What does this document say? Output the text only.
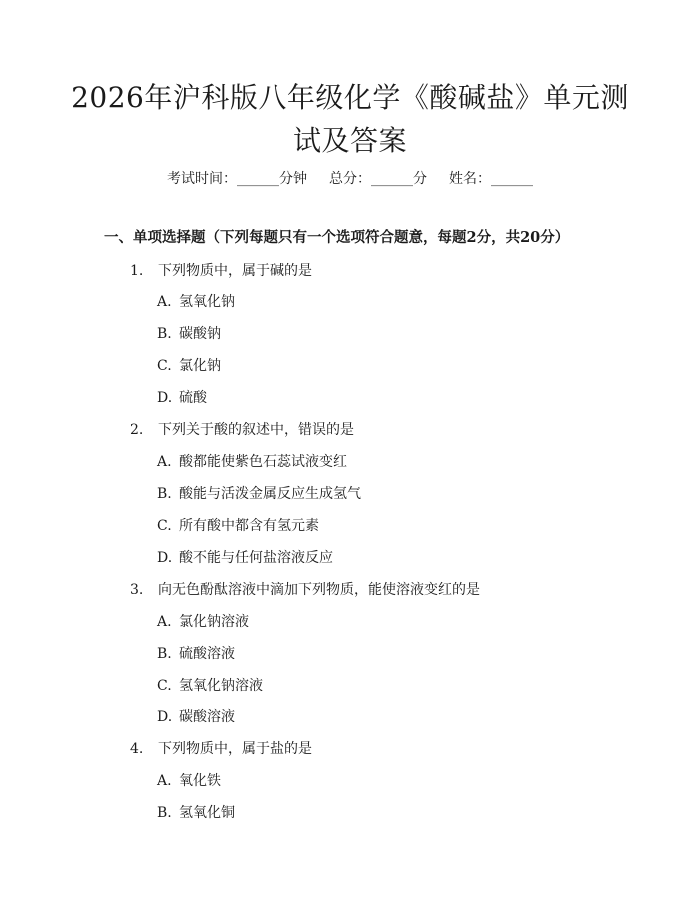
2026年沪科版八年级化学《酸碱盐》单元测试及答案
考试时间：______分钟 总分：______分 姓名：______
一、单项选择题（下列每题只有一个选项符合题意，每题2分，共20分）
1. 下列物质中，属于碱的是
A. 氢氧化钠
B. 碳酸钠
C. 氯化钠
D. 硫酸
2. 下列关于酸的叙述中，错误的是
A. 酸都能使紫色石蕊试液变红
B. 酸能与活泼金属反应生成氢气
C. 所有酸中都含有氢元素
D. 酸不能与任何盐溶液反应
3. 向无色酚酞溶液中滴加下列物质，能使溶液变红的是
A. 氯化钠溶液
B. 硫酸溶液
C. 氢氧化钠溶液
D. 碳酸溶液
4. 下列物质中，属于盐的是
A. 氧化铁
B. 氢氧化铜
